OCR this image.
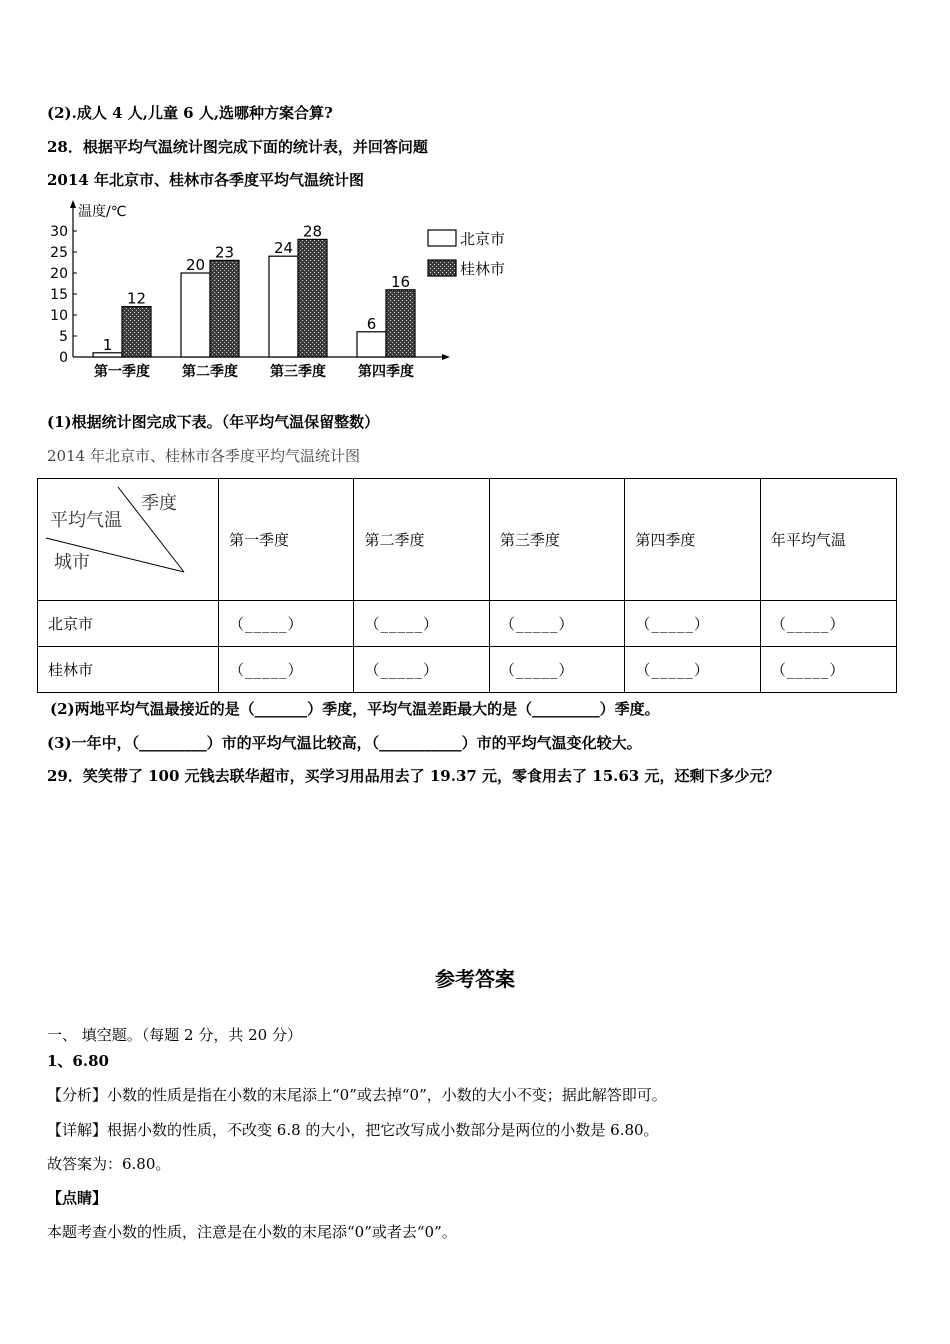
(2).成人 4 人,儿童 6 人,选哪种方案合算?
28．根据平均气温统计图完成下面的统计表，并回答问题
2014 年北京市、桂林市各季度平均气温统计图
温度/℃
0
5
10
15
20
25
30
1
12
第一季度
20
23
第二季度
24
28
第三季度
6
16
第四季度
北京市
桂林市
(1)根据统计图完成下表。（年平均气温保留整数）
2014 年北京市、桂林市各季度平均气温统计图
季度
平均气温
城市	第一季度	第二季度	第三季度	第四季度	年平均气温
北京市	（_____）	（_____）	（_____）	（_____）	（_____）
桂林市	（_____）	（_____）	（_____）	（_____）	（_____）
(2)两地平均气温最接近的是（_______）季度，平均气温差距最大的是（_________）季度。
(3)一年中，（_________）市的平均气温比较高，（___________）市的平均气温变化较大。
29．笑笑带了 100 元钱去联华超市，买学习用品用去了 19.37 元，零食用去了 15.63 元，还剩下多少元？
参考答案
一、 填空题。（每题 2 分，共 20 分）
1、6.80
【分析】小数的性质是指在小数的末尾添上“0”或去掉“0”，小数的大小不变；据此解答即可。
【详解】根据小数的性质，不改变 6.8 的大小，把它改写成小数部分是两位的小数是 6.80。
故答案为：6.80。
【点睛】
本题考查小数的性质，注意是在小数的末尾添“0”或者去“0”。
